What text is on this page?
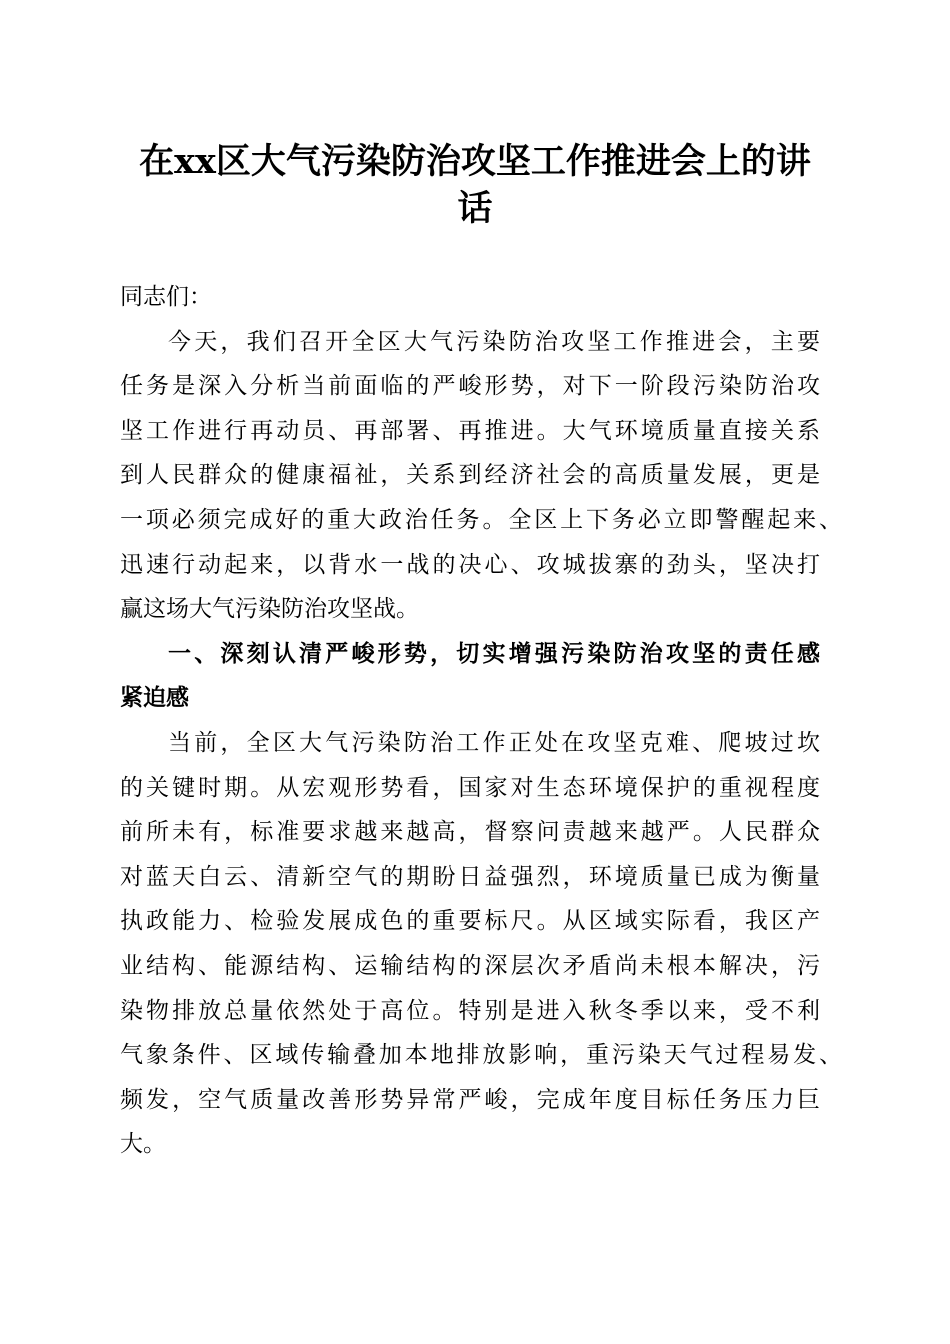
在xx区大气污染防治攻坚工作推进会上的讲
话
同志们：
今天，我们召开全区大气污染防治攻坚工作推进会，主要
任务是深入分析当前面临的严峻形势，对下一阶段污染防治攻
坚工作进行再动员、再部署、再推进。大气环境质量直接关系
到人民群众的健康福祉，关系到经济社会的高质量发展，更是
一项必须完成好的重大政治任务。全区上下务必立即警醒起来、
迅速行动起来，以背水一战的决心、攻城拔寨的劲头，坚决打
赢这场大气污染防治攻坚战。
一、深刻认清严峻形势，切实增强污染防治攻坚的责任感
紧迫感
当前，全区大气污染防治工作正处在攻坚克难、爬坡过坎
的关键时期。从宏观形势看，国家对生态环境保护的重视程度
前所未有，标准要求越来越高，督察问责越来越严。人民群众
对蓝天白云、清新空气的期盼日益强烈，环境质量已成为衡量
执政能力、检验发展成色的重要标尺。从区域实际看，我区产
业结构、能源结构、运输结构的深层次矛盾尚未根本解决，污
染物排放总量依然处于高位。特别是进入秋冬季以来，受不利
气象条件、区域传输叠加本地排放影响，重污染天气过程易发、
频发，空气质量改善形势异常严峻，完成年度目标任务压力巨
大。
